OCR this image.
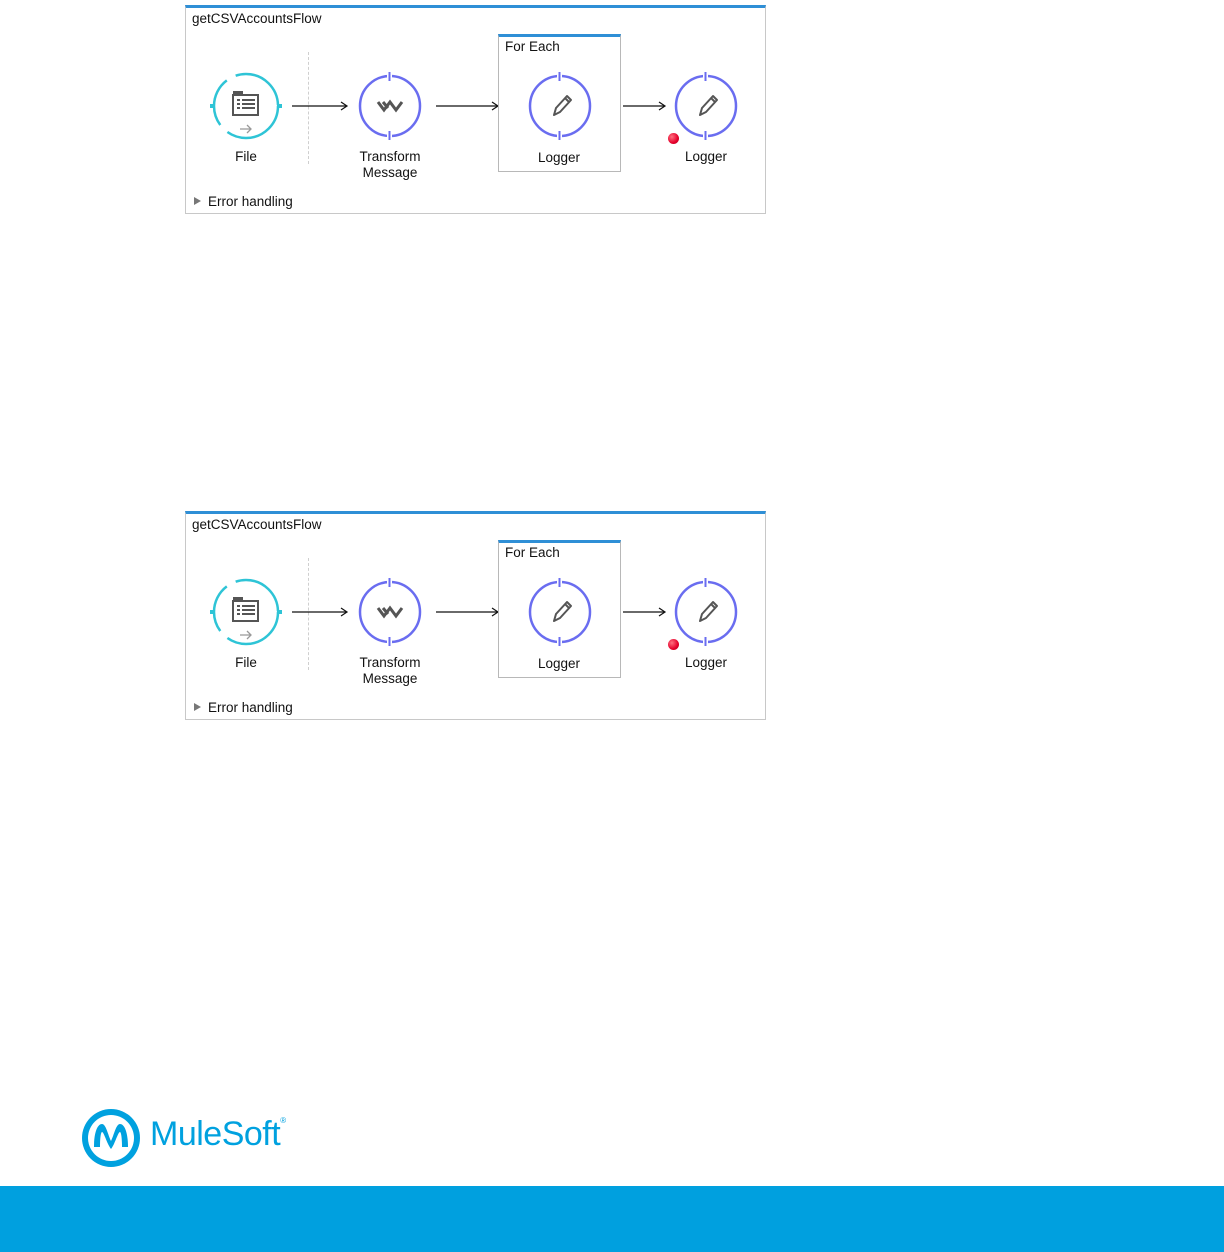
getCSVAccountsFlow
File	Transform
Message
For Each
Logger	Logger
Error handling
getCSVAccountsFlow
File	Transform
Message
For Each
Logger	Logger
Error handling
MuleSoft®
